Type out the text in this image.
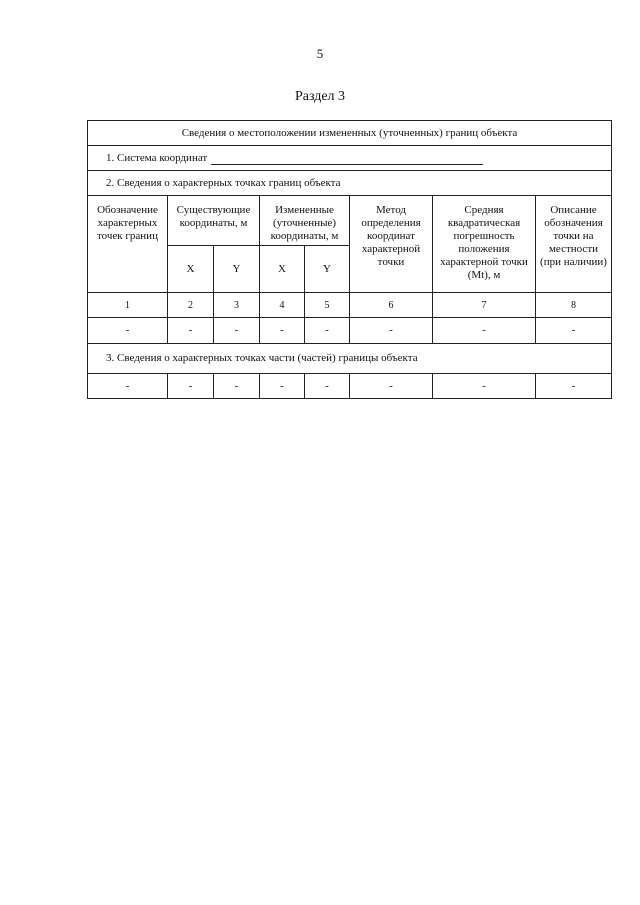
5
Раздел 3
Сведения о местоположении измененных (уточненных) границ объекта							
1. Система координат							
2. Сведения о характерных точках границ объекта							
Обозначение характерных точек границ	Существующие координаты, м		Измененные (уточненные) координаты, м		Метод определения координат характерной точки	Средняя квадратическая погрешность положения характерной точки (Mt), м	Описание обозначения точки на местности (при наличии)
	X	Y	X	Y			
1	2	3	4	5	6	7	8
-	-	-	-	-	-	-	-
3. Сведения о характерных точках части (частей) границы объекта							
-	-	-	-	-	-	-	-
